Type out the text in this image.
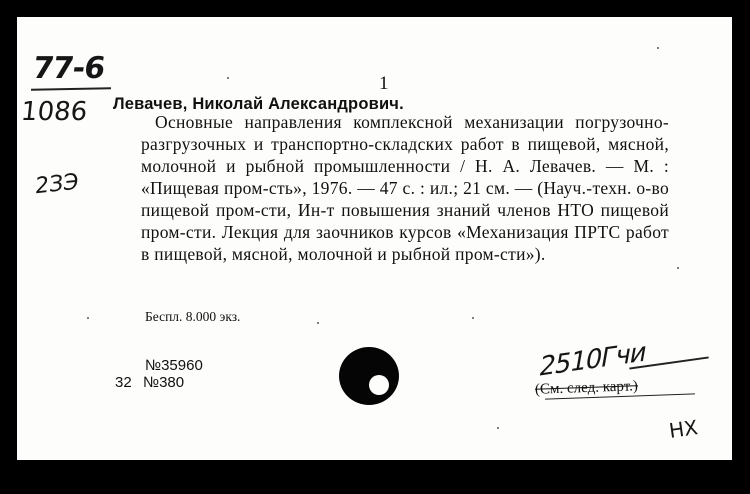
77-6
1086
2ЗЭ
1
Левачев, Николай Александрович.
Основные направления комплексной механизации погрузочно-разгрузочных и транспортно-складских работ в пищевой, мясной, молочной и рыбной промышленности / Н. А. Левачев. — М. : «Пищевая пром-сть», 1976. — 47 с. : ил.; 21 см. — (Науч.-техн. о-во пищевой пром-сти, Ин-т повышения знаний членов НТО пищевой пром-сти. Лекция для заочников курсов «Механизация ПРТС работ в пищевой, мясной, молочной и рыбной пром-сти»).
Беспл. 8.000 экз.
№35960
32 №380	2510Гчи
(См. след. карт.)
НХ
